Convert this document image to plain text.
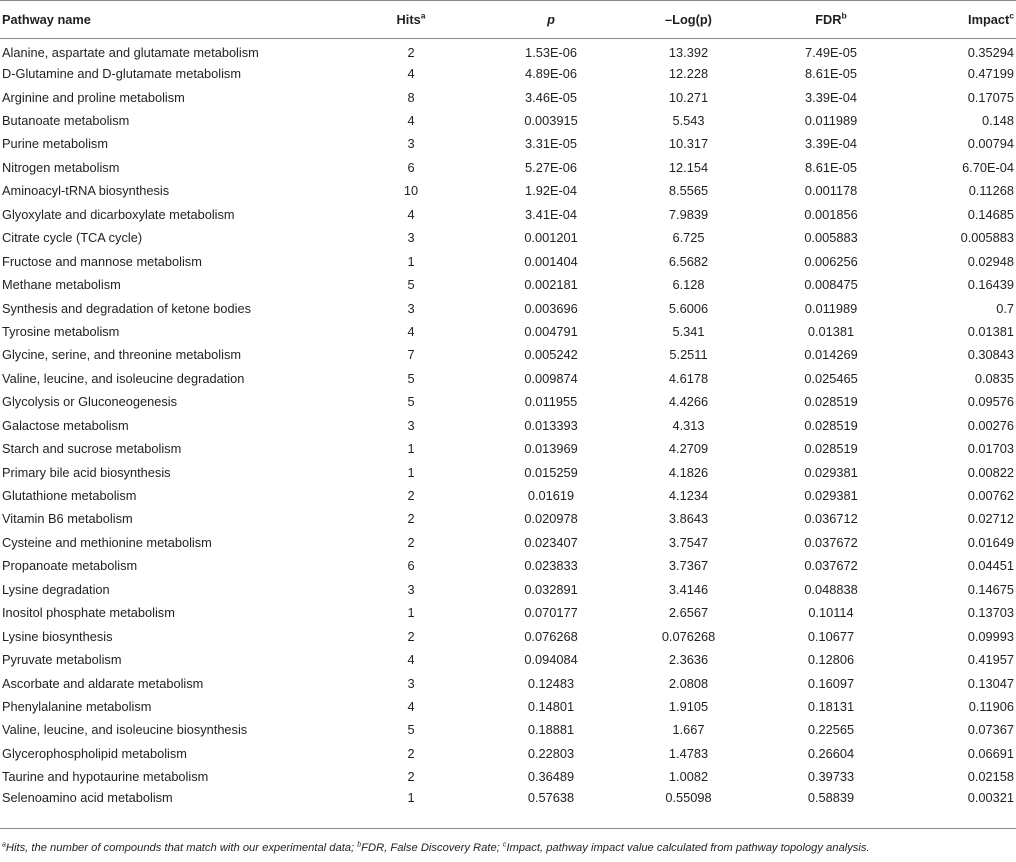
Pathway name	Hits$^a$	p	–Log(p)	FDR$^b$	Impact$^c$
Alanine, aspartate and glutamate metabolism	2	1.53E-06	13.392	7.49E-05	0.35294
D-Glutamine and D-glutamate metabolism	4	4.89E-06	12.228	8.61E-05	0.47199
Arginine and proline metabolism	8	3.46E-05	10.271	3.39E-04	0.17075
Butanoate metabolism	4	0.003915	5.543	0.011989	0.148
Purine metabolism	3	3.31E-05	10.317	3.39E-04	0.00794
Nitrogen metabolism	6	5.27E-06	12.154	8.61E-05	6.70E-04
Aminoacyl-tRNA biosynthesis	10	1.92E-04	8.5565	0.001178	0.11268
Glyoxylate and dicarboxylate metabolism	4	3.41E-04	7.9839	0.001856	0.14685
Citrate cycle (TCA cycle)	3	0.001201	6.725	0.005883	0.005883
Fructose and mannose metabolism	1	0.001404	6.5682	0.006256	0.02948
Methane metabolism	5	0.002181	6.128	0.008475	0.16439
Synthesis and degradation of ketone bodies	3	0.003696	5.6006	0.011989	0.7
Tyrosine metabolism	4	0.004791	5.341	0.01381	0.01381
Glycine, serine, and threonine metabolism	7	0.005242	5.2511	0.014269	0.30843
Valine, leucine, and isoleucine degradation	5	0.009874	4.6178	0.025465	0.0835
Glycolysis or Gluconeogenesis	5	0.011955	4.4266	0.028519	0.09576
Galactose metabolism	3	0.013393	4.313	0.028519	0.00276
Starch and sucrose metabolism	1	0.013969	4.2709	0.028519	0.01703
Primary bile acid biosynthesis	1	0.015259	4.1826	0.029381	0.00822
Glutathione metabolism	2	0.01619	4.1234	0.029381	0.00762
Vitamin B6 metabolism	2	0.020978	3.8643	0.036712	0.02712
Cysteine and methionine metabolism	2	0.023407	3.7547	0.037672	0.01649
Propanoate metabolism	6	0.023833	3.7367	0.037672	0.04451
Lysine degradation	3	0.032891	3.4146	0.048838	0.14675
Inositol phosphate metabolism	1	0.070177	2.6567	0.10114	0.13703
Lysine biosynthesis	2	0.076268	0.076268	0.10677	0.09993
Pyruvate metabolism	4	0.094084	2.3636	0.12806	0.41957
Ascorbate and aldarate metabolism	3	0.12483	2.0808	0.16097	0.13047
Phenylalanine metabolism	4	0.14801	1.9105	0.18131	0.11906
Valine, leucine, and isoleucine biosynthesis	5	0.18881	1.667	0.22565	0.07367
Glycerophospholipid metabolism	2	0.22803	1.4783	0.26604	0.06691
Taurine and hypotaurine metabolism	2	0.36489	1.0082	0.39733	0.02158
Selenoamino acid metabolism	1	0.57638	0.55098	0.58839	0.00321
$^a$Hits, the number of compounds that match with our experimental data; $^b$FDR, False Discovery Rate; $^c$Impact, pathway impact value calculated from pathway topology analysis.
